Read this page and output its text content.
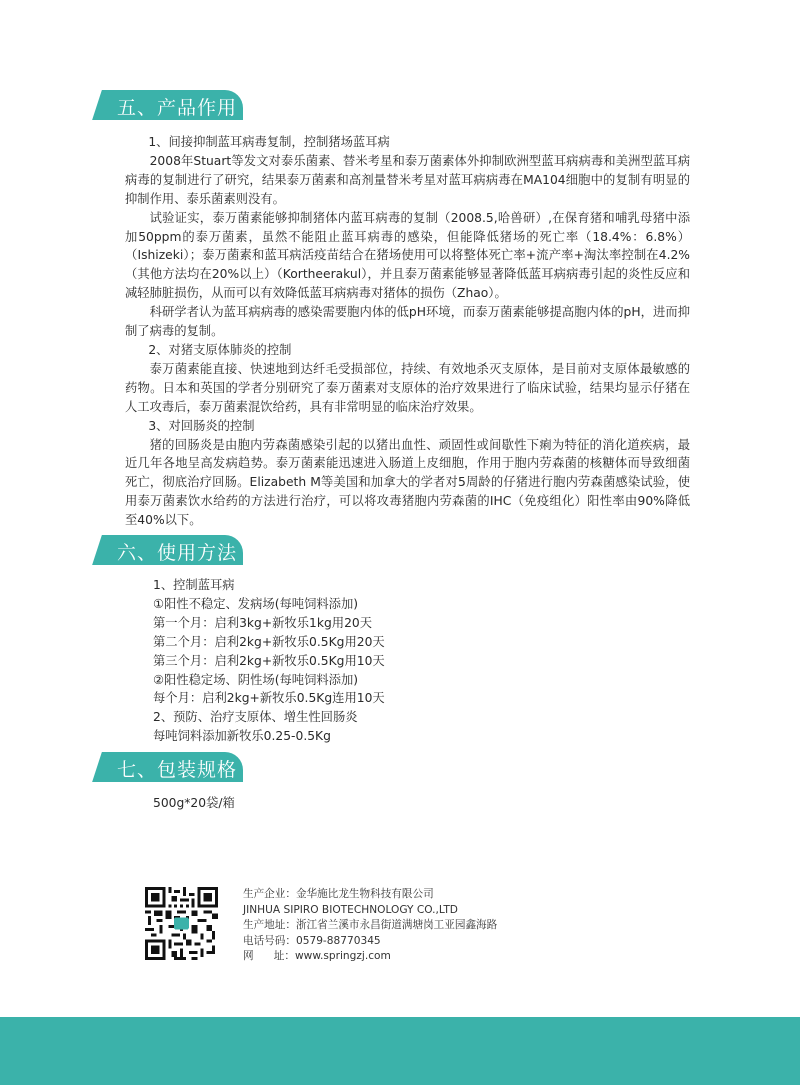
五、产品作用

1、间接抑制蓝耳病毒复制，控制猪场蓝耳病

2008年Stuart等发文对泰乐菌素、替米考星和泰万菌素体外抑制欧洲型蓝耳病病毒和美洲型蓝耳病病毒的复制进行了研究，结果泰万菌素和高剂量替米考星对蓝耳病病毒在MA104细胞中的复制有明显的抑制作用、泰乐菌素则没有。

试验证实，泰万菌素能够抑制猪体内蓝耳病毒的复制（2008.5,哈兽研）,在保育猪和哺乳母猪中添加50ppm的泰万菌素，虽然不能阻止蓝耳病毒的感染，但能降低猪场的死亡率（18.4%：6.8%）（Ishizeki）；泰万菌素和蓝耳病活疫苗结合在猪场使用可以将整体死亡率+流产率+淘汰率控制在4.2%（其他方法均在20%以上）（Kortheerakul），并且泰万菌素能够显著降低蓝耳病病毒引起的炎性反应和减轻肺脏损伤，从而可以有效降低蓝耳病病毒对猪体的损伤（Zhao）。

科研学者认为蓝耳病病毒的感染需要胞内体的低pH环境，而泰万菌素能够提高胞内体的pH，进而抑制了病毒的复制。

2、对猪支原体肺炎的控制

泰万菌素能直接、快速地到达纤毛受损部位，持续、有效地杀灭支原体，是目前对支原体最敏感的药物。日本和英国的学者分别研究了泰万菌素对支原体的治疗效果进行了临床试验，结果均显示仔猪在人工攻毒后，泰万菌素混饮给药，具有非常明显的临床治疗效果。

3、对回肠炎的控制

猪的回肠炎是由胞内劳森菌感染引起的以猪出血性、顽固性或间歇性下痢为特征的消化道疾病，最近几年各地呈高发病趋势。泰万菌素能迅速进入肠道上皮细胞，作用于胞内劳森菌的核糖体而导致细菌死亡，彻底治疗回肠。Elizabeth M等美国和加拿大的学者对5周龄的仔猪进行胞内劳森菌感染试验，使用泰万菌素饮水给药的方法进行治疗，可以将攻毒猪胞内劳森菌的IHC（免疫组化）阳性率由90%降低至40%以下。

六、使用方法
1、控制蓝耳病
①阳性不稳定、发病场(每吨饲料添加)
第一个月：启利3kg+新牧乐1kg用20天
第二个月：启利2kg+新牧乐0.5Kg用20天
第三个月：启利2kg+新牧乐0.5Kg用10天
②阳性稳定场、阴性场(每吨饲料添加)
每个月：启利2kg+新牧乐0.5Kg连用10天
2、预防、治疗支原体、增生性回肠炎
每吨饲料添加新牧乐0.25-0.5Kg
七、包装规格
500g*20袋/箱
生产企业：金华施比龙生物科技有限公司
JINHUA SIPIRO BIOTECHNOLOGY CO.,LTD
生产地址：浙江省兰溪市永昌街道满塘岗工亚园鑫海路
电话号码：0579-88770345
网      址：www.springzj.com
